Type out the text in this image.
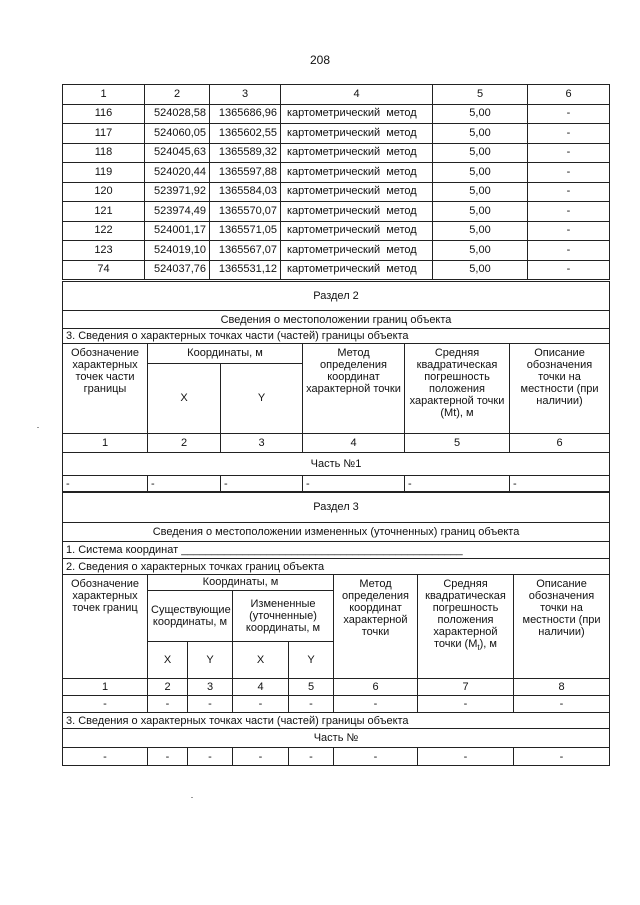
208
1	2	3	4	5	6
116	524028,58	1365686,96	картометрический метод	5,00	-
117	524060,05	1365602,55	картометрический метод	5,00	-
118	524045,63	1365589,32	картометрический метод	5,00	-
119	524020,44	1365597,88	картометрический метод	5,00	-
120	523971,92	1365584,03	картометрический метод	5,00	-
121	523974,49	1365570,07	картометрический метод	5,00	-
122	524001,17	1365571,05	картометрический метод	5,00	-
123	524019,10	1365567,07	картометрический метод	5,00	-
74	524037,76	1365531,12	картометрический метод	5,00	-
Раздел 2					
Сведения о местоположении границ объекта					
3. Сведения о характерных точках части (частей) границы объекта					
Обозначение характерных точек части границы	Координаты, м		Метод определения координат характерной точки	Средняя квадратическая погрешность положения характерной точки (Mt), м	Описание обозначения точки на местности (при наличии)
	X	Y			
1	2	3	4	5	6
Часть №1					
-	-	-	-	-	-
Раздел 3							
Сведения о местоположении измененных (уточненных) границ объекта							
1. Система координат ______________________________________________							
2. Сведения о характерных точках границ объекта							
Обозначение характерных точек границ	Координаты, м				Метод определения координат характерной точки	Средняя квадратическая погрешность положения характерной точки $(M_t)$, м	Описание обозначения точки на местности (при наличии)
	Существующие координаты, м		Измененные (уточненные) координаты, м				
	X	Y	X	Y			
1	2	3	4	5	6	7	8
-	-	-	-	-	-	-	-
3. Сведения о характерных точках части (частей) границы объекта							
Часть №							
-	-	-	-	-	-	-	-
